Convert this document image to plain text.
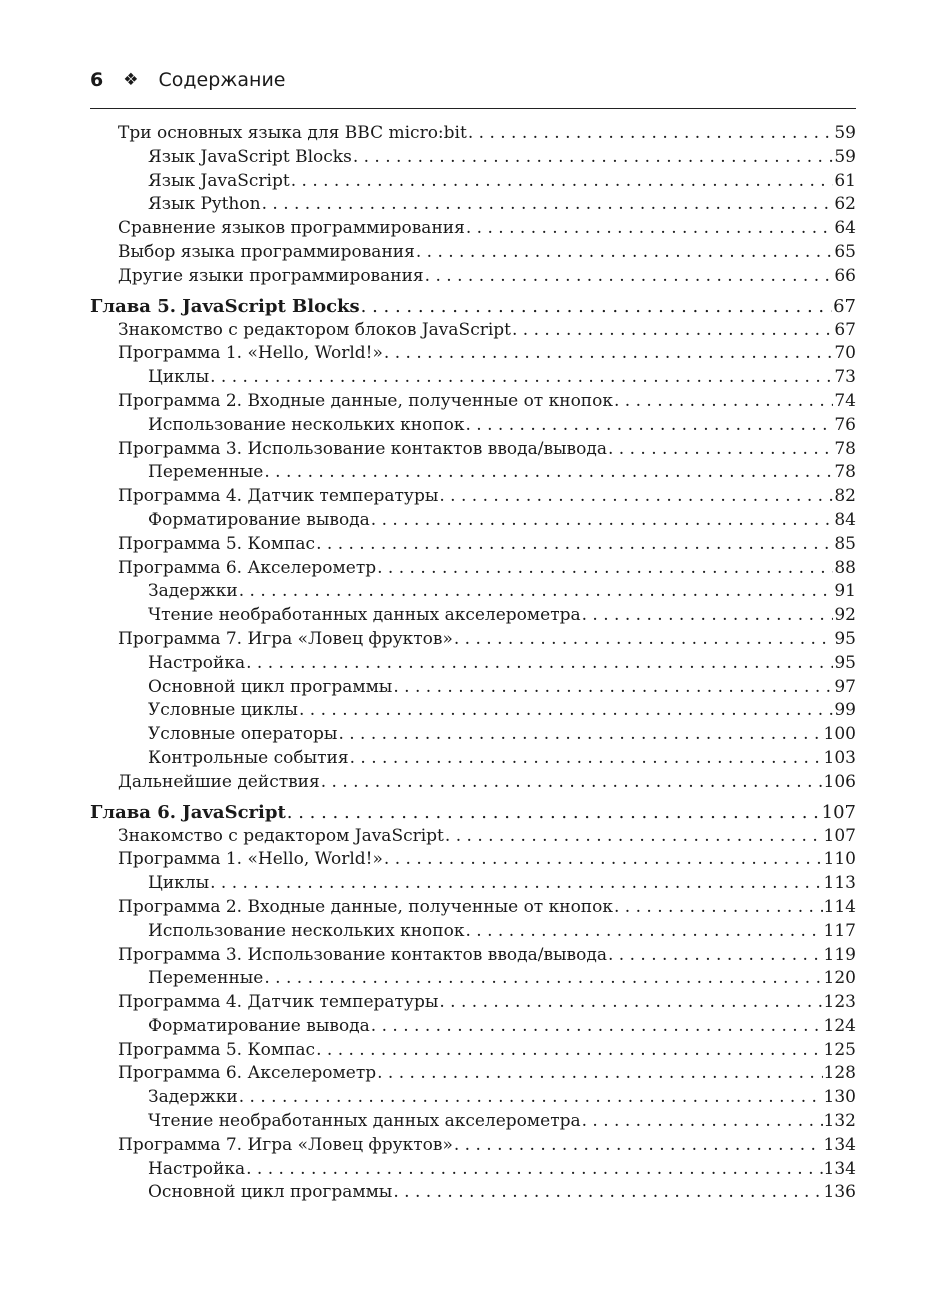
6 ❖ Содержание
Три основных языка для BBC micro:bit . . .	59
Язык JavaScript Blocks . . .	59
Язык JavaScript . . .	61
Язык Python . . .	62
Сравнение языков программирования . . .	64
Выбор языка программирования . . .	65
Другие языки программирования . . .	66
Глава 5. JavaScript Blocks . . .	67
Знакомство с редактором блоков JavaScript . . .	67
Программа 1. «Hello, World!» . . .	70
Циклы . . .	73
Программа 2. Входные данные, полученные от кнопок . . .	74
Использование нескольких кнопок . . .	76
Программа 3. Использование контактов ввода/вывода . . .	78
Переменные . . .	78
Программа 4. Датчик температуры . . .	82
Форматирование вывода . . .	84
Программа 5. Компас . . .	85
Программа 6. Акселерометр . . .	88
Задержки . . .	91
Чтение необработанных данных акселерометра . . .	92
Программа 7. Игра «Ловец фруктов» . . .	95
Настройка . . .	95
Основной цикл программы . . .	97
Условные циклы . . .	99
Условные операторы . . .	100
Контрольные события . . .	103
Дальнейшие действия . . .	106
Глава 6. JavaScript . . .	107
Знакомство с редактором JavaScript . . .	107
Программа 1. «Hello, World!» . . .	110
Циклы . . .	113
Программа 2. Входные данные, полученные от кнопок . . .	114
Использование нескольких кнопок . . .	117
Программа 3. Использование контактов ввода/вывода . . .	119
Переменные . . .	120
Программа 4. Датчик температуры . . .	123
Форматирование вывода . . .	124
Программа 5. Компас . . .	125
Программа 6. Акселерометр . . .	128
Задержки . . .	130
Чтение необработанных данных акселерометра . . .	132
Программа 7. Игра «Ловец фруктов» . . .	134
Настройка . . .	134
Основной цикл программы . . .	136
